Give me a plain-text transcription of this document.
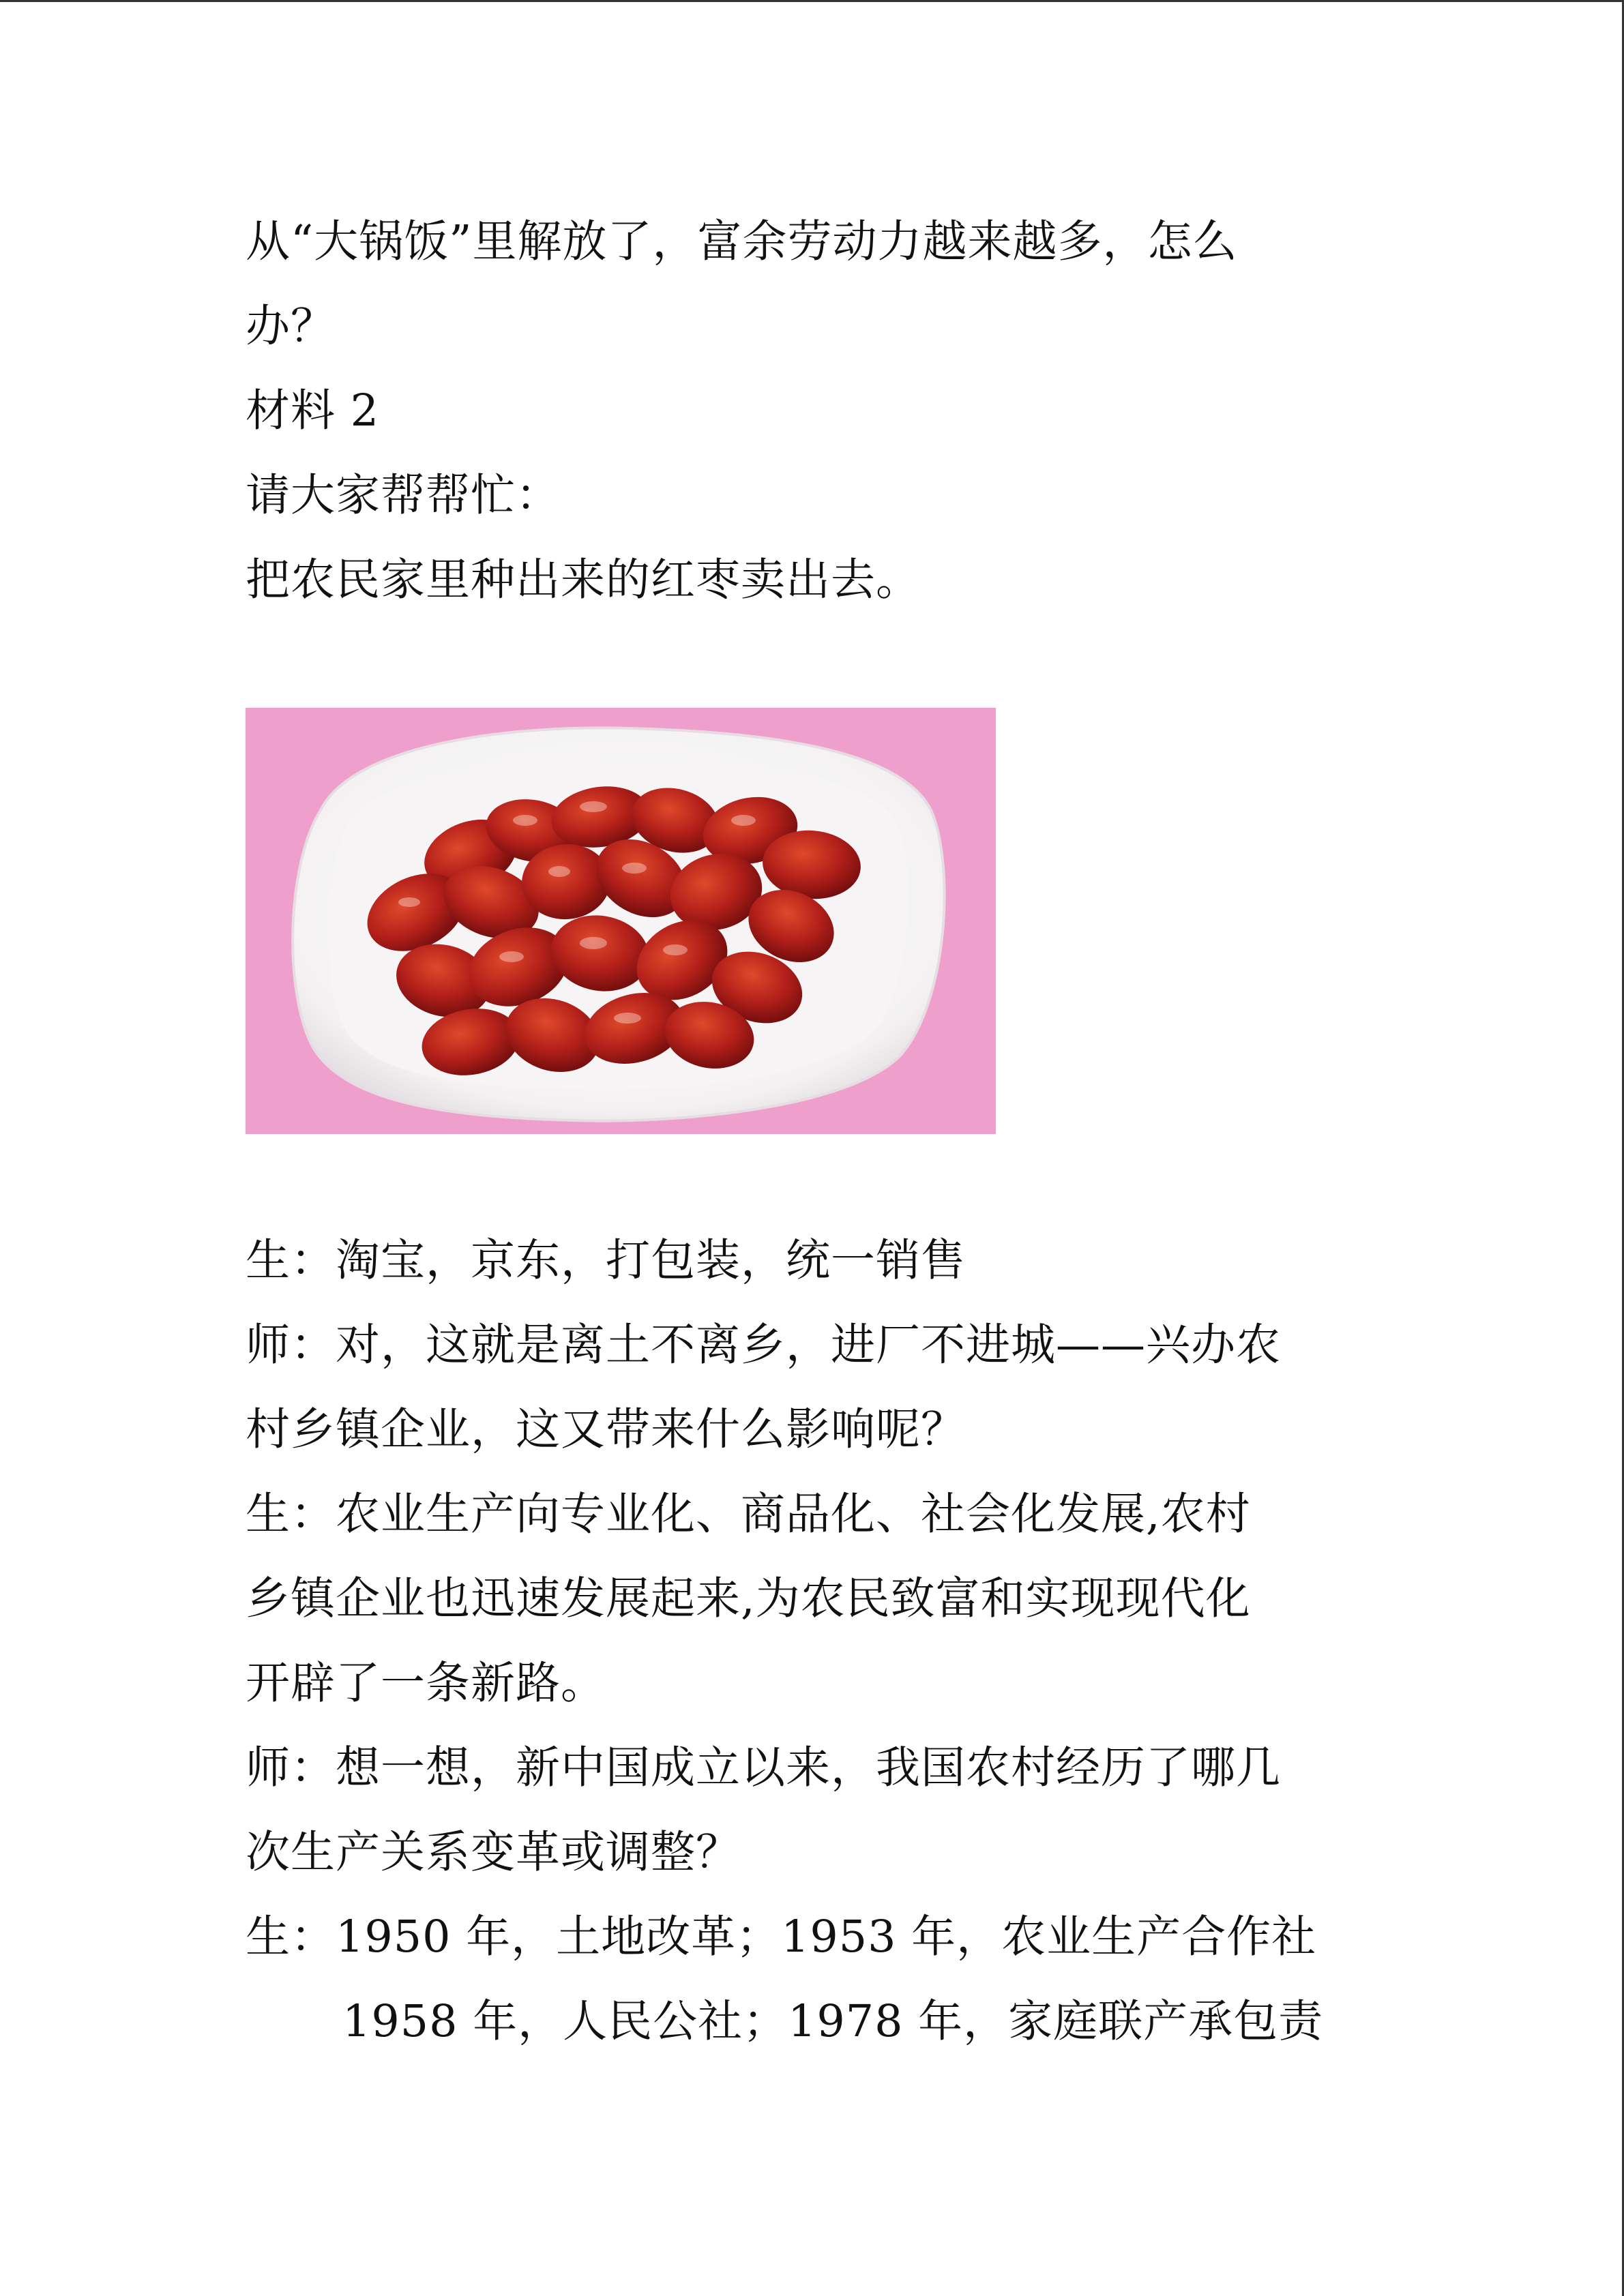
从“大锅饭”里解放了，富余劳动力越来越多，怎么
办？
材料 2
请大家帮帮忙：
把农民家里种出来的红枣卖出去。
生：淘宝，京东，打包装，统一销售
师：对，这就是离土不离乡，进厂不进城——兴办农
村乡镇企业，这又带来什么影响呢？
生：农业生产向专业化、商品化、社会化发展,农村
乡镇企业也迅速发展起来,为农民致富和实现现代化
开辟了一条新路。
师：想一想，新中国成立以来，我国农村经历了哪几
次生产关系变革或调整？
生：1950 年，土地改革；1953 年，农业生产合作社
1958 年，人民公社；1978 年，家庭联产承包责
